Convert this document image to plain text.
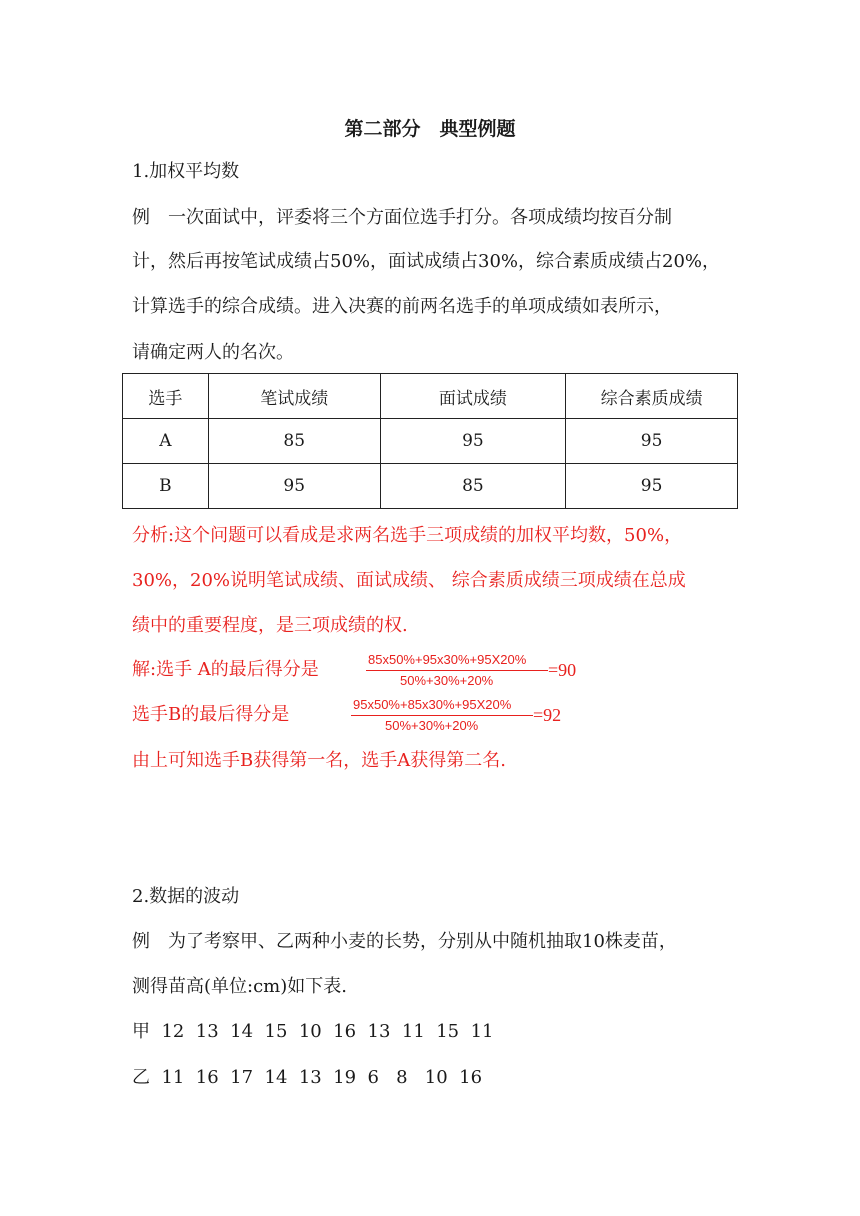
第二部分　典型例题
1.加权平均数
例　一次面试中，评委将三个方面位选手打分。各项成绩均按百分制
计，然后再按笔试成绩占50%，面试成绩占30%，综合素质成绩占20%，
计算选手的综合成绩。进入决赛的前两名选手的单项成绩如表所示，
请确定两人的名次。
选手	笔试成绩	面试成绩	综合素质成绩
A	85	95	95
B	95	85	95
分析:这个问题可以看成是求两名选手三项成绩的加权平均数，50%，
30%，20%说明笔试成绩、面试成绩、 综合素质成绩三项成绩在总成
绩中的重要程度，是三项成绩的权.
解:选手 A的最后得分是	85x50%+95x30%+95X20%
50%+30%+20%
=90
选手B的最后得分是	95x50%+85x30%+95X20%
50%+30%+20%
=92
由上可知选手B获得第一名，选手A获得第二名.
2.数据的波动
例　为了考察甲、乙两种小麦的长势，分别从中随机抽取10株麦苗，
测得苗高(单位:cm)如下表.
甲  12  13  14  15  10  16  13  11  15  11
乙  11  16  17  14  13  19  6   8   10  16
